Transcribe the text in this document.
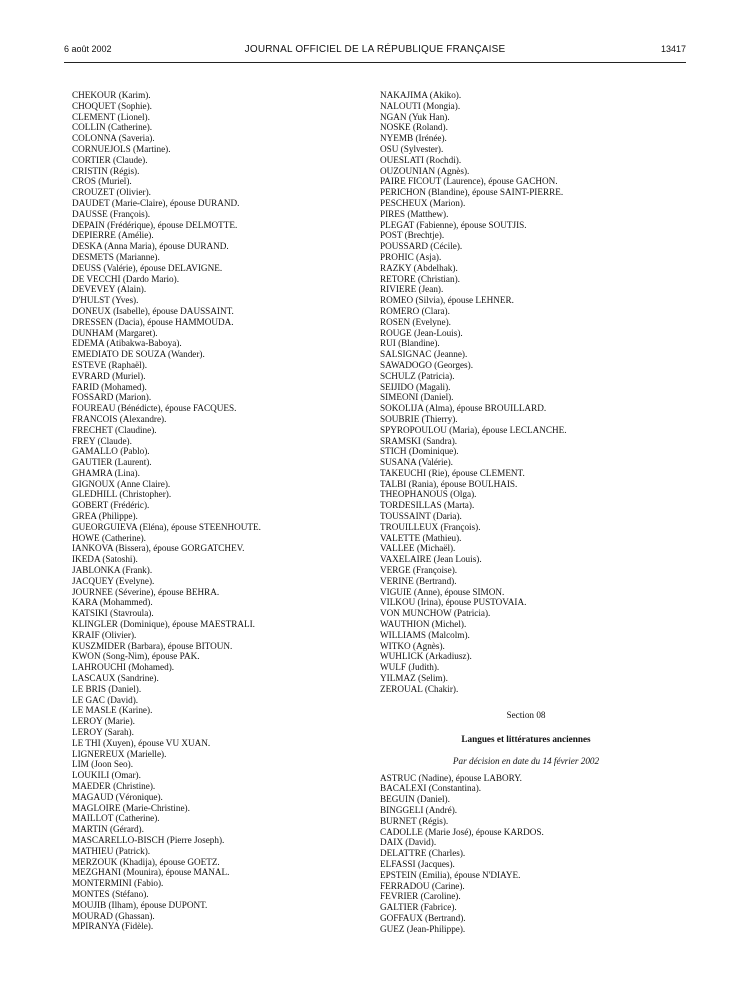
6 août 2002	JOURNAL OFFICIEL DE LA RÉPUBLIQUE FRANÇAISE	13417
CHEKOUR (Karim).
CHOQUET (Sophie).
CLEMENT (Lionel).
COLLIN (Catherine).
COLONNA (Saveria).
CORNUEJOLS (Martine).
CORTIER (Claude).
CRISTIN (Régis).
CROS (Muriel).
CROUZET (Olivier).
DAUDET (Marie-Claire), épouse DURAND.
DAUSSE (François).
DEPAIN (Frédérique), épouse DELMOTTE.
DEPIERRE (Amélie).
DESKA (Anna Maria), épouse DURAND.
DESMETS (Marianne).
DEUSS (Valérie), épouse DELAVIGNE.
DE VECCHI (Dardo Mario).
DEVEVEY (Alain).
D'HULST (Yves).
DONEUX (Isabelle), épouse DAUSSAINT.
DRESSEN (Dacia), épouse HAMMOUDA.
DUNHAM (Margaret).
EDEMA (Atibakwa-Baboya).
EMEDIATO DE SOUZA (Wander).
ESTEVE (Raphaël).
EVRARD (Muriel).
FARID (Mohamed).
FOSSARD (Marion).
FOUREAU (Bénédicte), épouse FACQUES.
FRANCOIS (Alexandre).
FRECHET (Claudine).
FREY (Claude).
GAMALLO (Pablo).
GAUTIER (Laurent).
GHAMRA (Lina).
GIGNOUX (Anne Claire).
GLEDHILL (Christopher).
GOBERT (Frédéric).
GREA (Philippe).
GUEORGUIEVA (Eléna), épouse STEENHOUTE.
HOWE (Catherine).
IANKOVA (Bissera), épouse GORGATCHEV.
IKEDA (Satoshi).
JABLONKA (Frank).
JACQUEY (Evelyne).
JOURNEE (Séverine), épouse BEHRA.
KARA (Mohammed).
KATSIKI (Stavroula).
KLINGLER (Dominique), épouse MAESTRALI.
KRAIF (Olivier).
KUSZMIDER (Barbara), épouse BITOUN.
KWON (Song-Nim), épouse PAK.
LAHROUCHI (Mohamed).
LASCAUX (Sandrine).
LE BRIS (Daniel).
LE GAC (David).
LE MASLE (Karine).
LEROY (Marie).
LEROY (Sarah).
LE THI (Xuyen), épouse VU XUAN.
LIGNEREUX (Marielle).
LIM (Joon Seo).
LOUKILI (Omar).
MAEDER (Christine).
MAGAUD (Véronique).
MAGLOIRE (Marie-Christine).
MAILLOT (Catherine).
MARTIN (Gérard).
MASCARELLO-BISCH (Pierre Joseph).
MATHIEU (Patrick).
MERZOUK (Khadija), épouse GOETZ.
MEZGHANI (Mounira), épouse MANAL.
MONTERMINI (Fabio).
MONTES (Stéfano).
MOUJIB (Ilham), épouse DUPONT.
MOURAD (Ghassan).
MPIRANYA (Fidèle).
NAKAJIMA (Akiko).
NALOUTI (Mongia).
NGAN (Yuk Han).
NOSKE (Roland).
NYEMB (Irénée).
OSU (Sylvester).
OUESLATI (Rochdi).
OUZOUNIAN (Agnès).
PAIRE FICOUT (Laurence), épouse GACHON.
PERICHON (Blandine), épouse SAINT-PIERRE.
PESCHEUX (Marion).
PIRES (Matthew).
PLEGAT (Fabienne), épouse SOUTJIS.
POST (Brechtje).
POUSSARD (Cécile).
PROHIC (Asja).
RAZKY (Abdelhak).
RETORE (Christian).
RIVIERE (Jean).
ROMEO (Silvia), épouse LEHNER.
ROMERO (Clara).
ROSEN (Evelyne).
ROUGE (Jean-Louis).
RUI (Blandine).
SALSIGNAC (Jeanne).
SAWADOGO (Georges).
SCHULZ (Patricia).
SEIJIDO (Magali).
SIMEONI (Daniel).
SOKOLIJA (Alma), épouse BROUILLARD.
SOUBRIE (Thierry).
SPYROPOULOU (Maria), épouse LECLANCHE.
SRAMSKI (Sandra).
STICH (Dominique).
SUSANA (Valérie).
TAKEUCHI (Rie), épouse CLEMENT.
TALBI (Rania), épouse BOULHAIS.
THEOPHANOUS (Olga).
TORDESILLAS (Marta).
TOUSSAINT (Daria).
TROUILLEUX (François).
VALETTE (Mathieu).
VALLEE (Michaël).
VAXELAIRE (Jean Louis).
VERGE (Françoise).
VERINE (Bertrand).
VIGUIE (Anne), épouse SIMON.
VILKOU (Irina), épouse PUSTOVAIA.
VON MUNCHOW (Patricia).
WAUTHION (Michel).
WILLIAMS (Malcolm).
WITKO (Agnès).
WUHLICK (Arkadiusz).
WULF (Judith).
YILMAZ (Selim).
ZEROUAL (Chakir).
Section 08
Langues et littératures anciennes
Par décision en date du 14 février 2002
ASTRUC (Nadine), épouse LABORY.
BACALEXI (Constantina).
BEGUIN (Daniel).
BINGGELI (André).
BURNET (Régis).
CADOLLE (Marie José), épouse KARDOS.
DAIX (David).
DELATTRE (Charles).
ELFASSI (Jacques).
EPSTEIN (Emilia), épouse N'DIAYE.
FERRADOU (Carine).
FEVRIER (Caroline).
GALTIER (Fabrice).
GOFFAUX (Bertrand).
GUEZ (Jean-Philippe).
